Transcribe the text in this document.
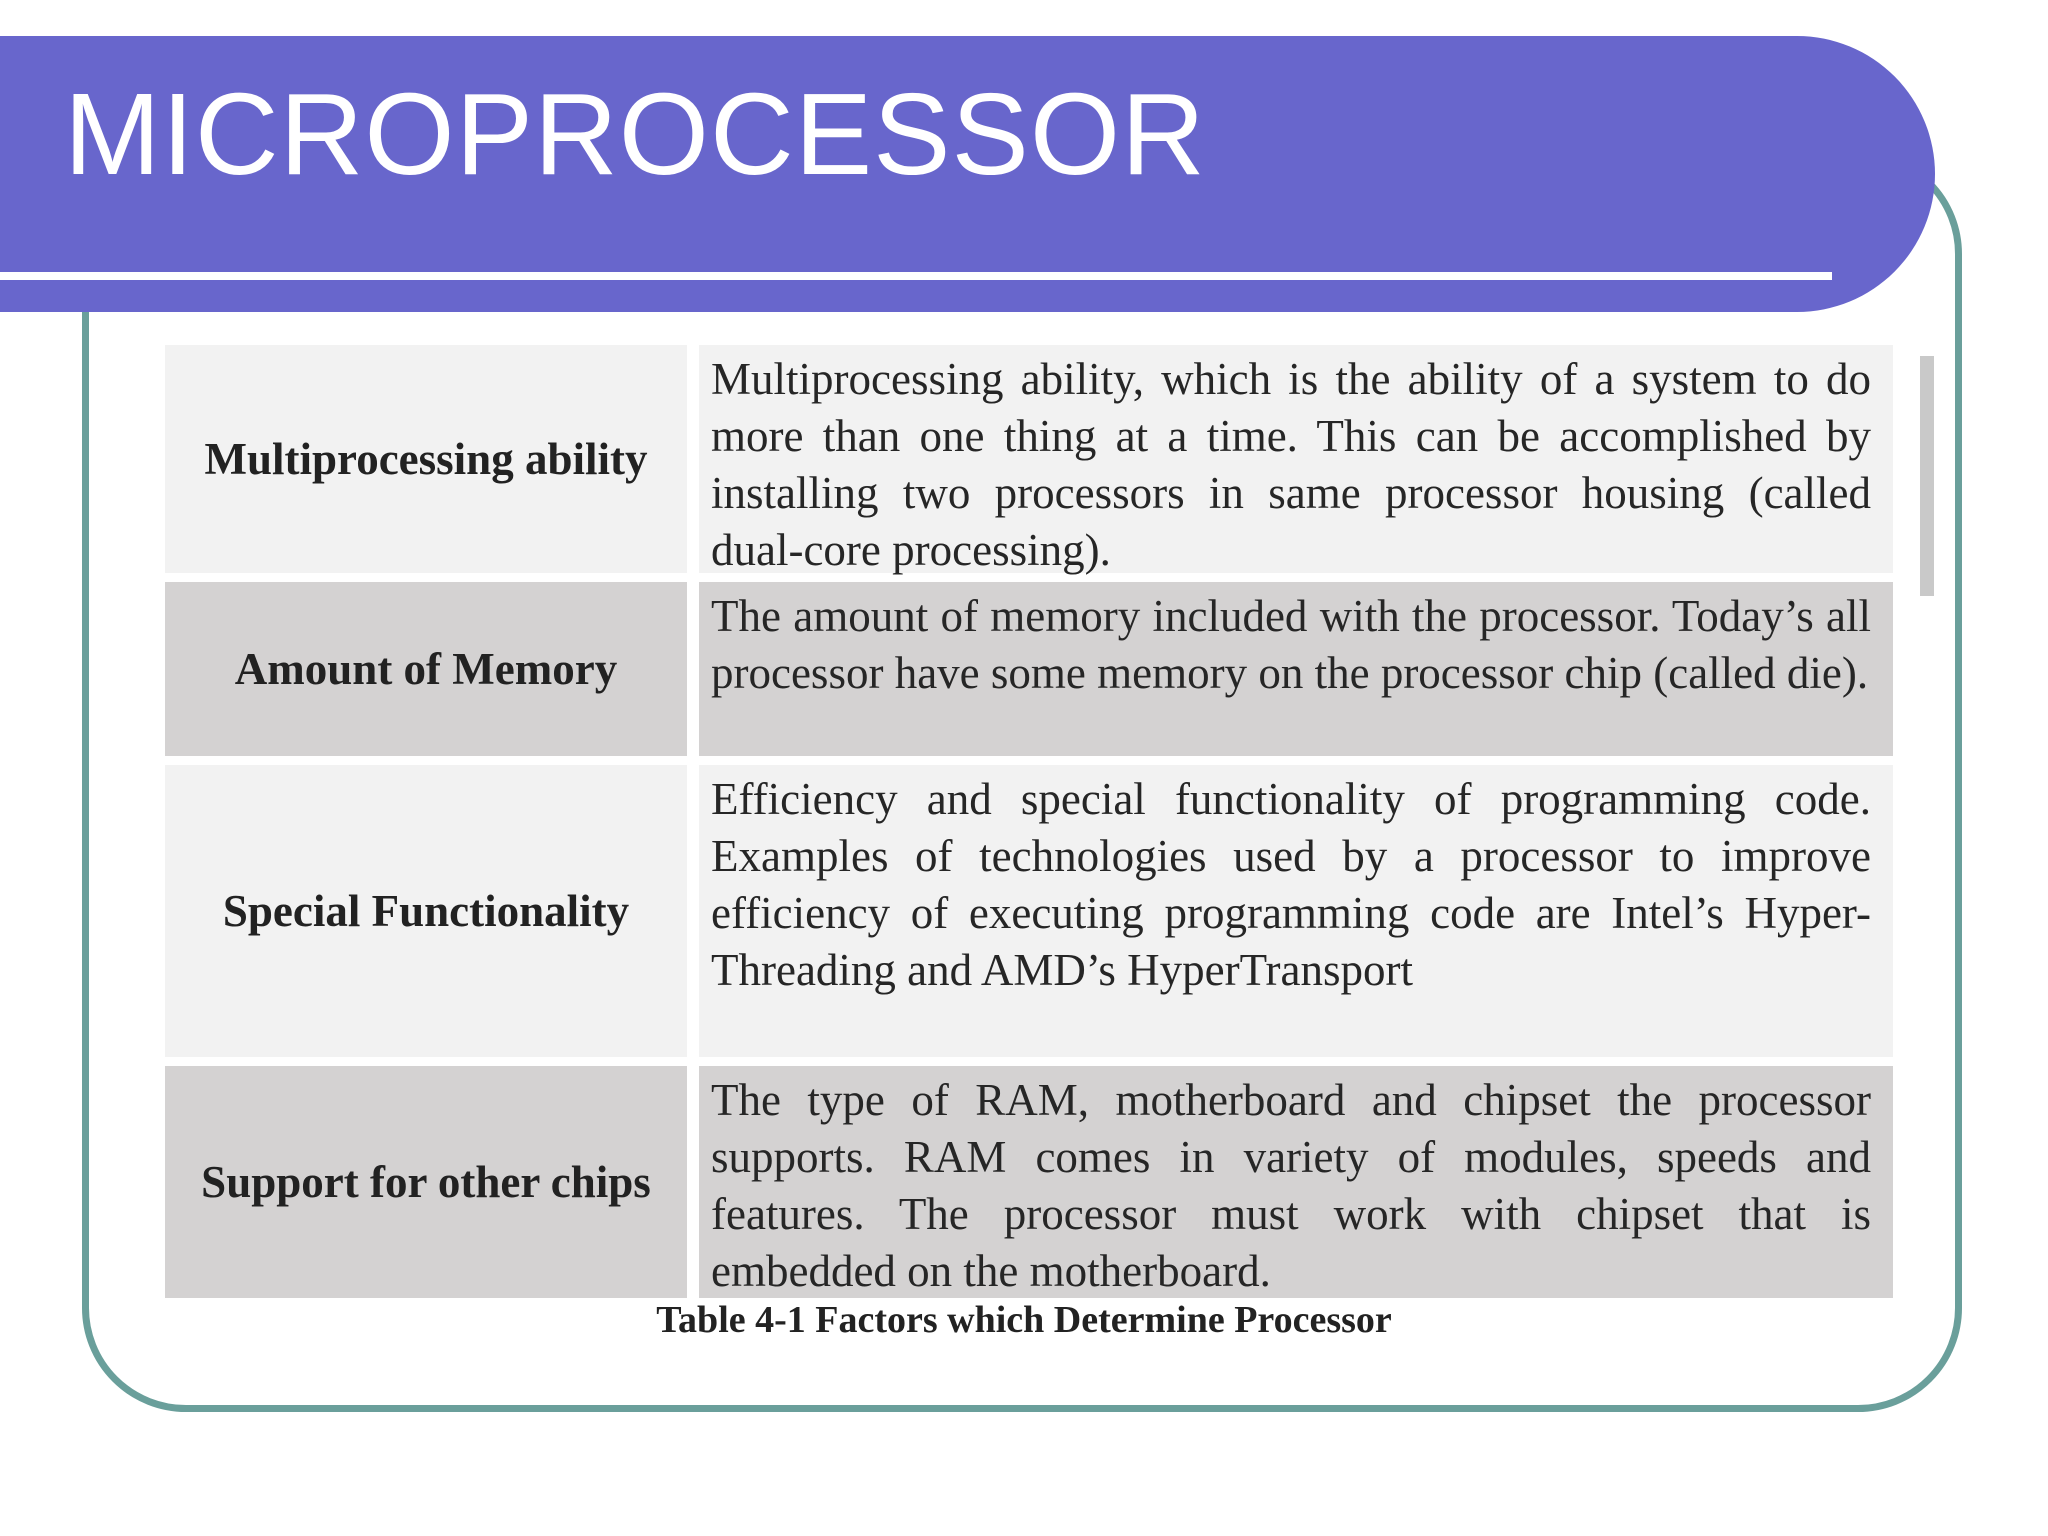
MICROPROCESSOR
Multiprocessing ability
Multiprocessing ability, which is the ability of a system to do more than one thing at a time. This can be accomplished by installing two processors in same processor housing (called dual-core processing).
Amount of Memory
The amount of memory included with the processor. Today’s all processor have some memory on the processor chip (called die).
Special Functionality
Efficiency and special functionality of programming code. Examples of technologies used by a processor to improve efficiency of executing programming code are Intel’s Hyper-Threading and AMD’s HyperTransport
Support for other chips
The type of RAM, motherboard and chipset the processor supports. RAM comes in variety of modules, speeds and features. The processor must work with chipset that is embedded on the motherboard.
Table 4-1 Factors which Determine Processor
